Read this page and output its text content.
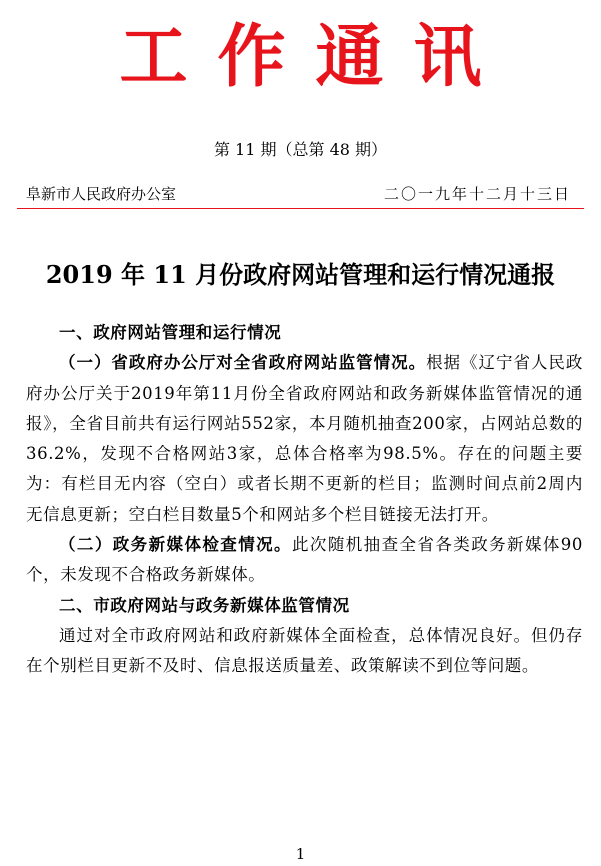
工作通讯
第 11 期（总第 48 期）
阜新市人民政府办公室	二〇一九年十二月十三日
2019 年 11 月份政府网站管理和运行情况通报

一、政府网站管理和运行情况

（一）省政府办公厅对全省政府网站监管情况。根据《辽宁省人民政府办公厅关于2019年第11月份全省政府网站和政务新媒体监管情况的通报》，全省目前共有运行网站552家，本月随机抽查200家，占网站总数的36.2%，发现不合格网站3家，总体合格率为98.5%。存在的问题主要为：有栏目无内容（空白）或者长期不更新的栏目；监测时间点前2周内无信息更新；空白栏目数量5个和网站多个栏目链接无法打开。

（二）政务新媒体检查情况。此次随机抽查全省各类政务新媒体90个，未发现不合格政务新媒体。

二、市政府网站与政务新媒体监管情况

通过对全市政府网站和政府新媒体全面检查，总体情况良好。但仍存在个别栏目更新不及时、信息报送质量差、政策解读不到位等问题。

1
